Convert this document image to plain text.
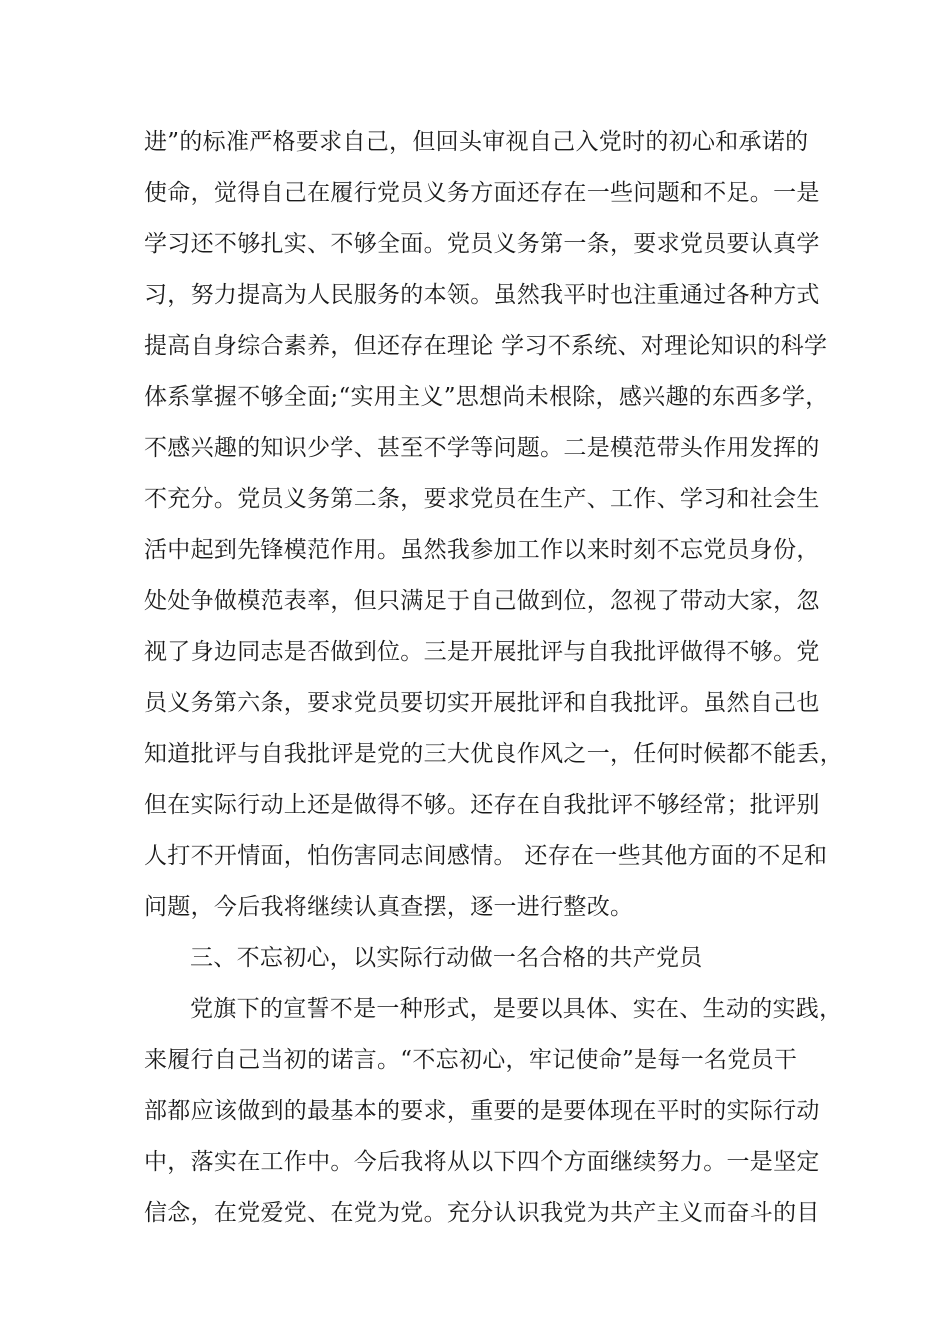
进”的标准严格要求自己，但回头审视自己入党时的初心和承诺的
使命，觉得自己在履行党员义务方面还存在一些问题和不足。一是
学习还不够扎实、不够全面。党员义务第一条，要求党员要认真学
习，努力提高为人民服务的本领。虽然我平时也注重通过各种方式
提高自身综合素养，但还存在理论 学习不系统、对理论知识的科学
体系掌握不够全面;“实用主义”思想尚未根除，感兴趣的东西多学，
不感兴趣的知识少学、甚至不学等问题。二是模范带头作用发挥的
不充分。党员义务第二条，要求党员在生产、工作、学习和社会生
活中起到先锋模范作用。虽然我参加工作以来时刻不忘党员身份，
处处争做模范表率，但只满足于自己做到位，忽视了带动大家，忽
视了身边同志是否做到位。三是开展批评与自我批评做得不够。党
员义务第六条，要求党员要切实开展批评和自我批评。虽然自己也
知道批评与自我批评是党的三大优良作风之一，任何时候都不能丢，
但在实际行动上还是做得不够。还存在自我批评不够经常；批评别
人打不开情面，怕伤害同志间感情。 还存在一些其他方面的不足和
问题，今后我将继续认真查摆，逐一进行整改。
三、不忘初心，以实际行动做一名合格的共产党员
党旗下的宣誓不是一种形式，是要以具体、实在、生动的实践，
来履行自己当初的诺言。“不忘初心，牢记使命”是每一名党员干
部都应该做到的最基本的要求，重要的是要体现在平时的实际行动
中，落实在工作中。今后我将从以下四个方面继续努力。一是坚定
信念，在党爱党、在党为党。充分认识我党为共产主义而奋斗的目
